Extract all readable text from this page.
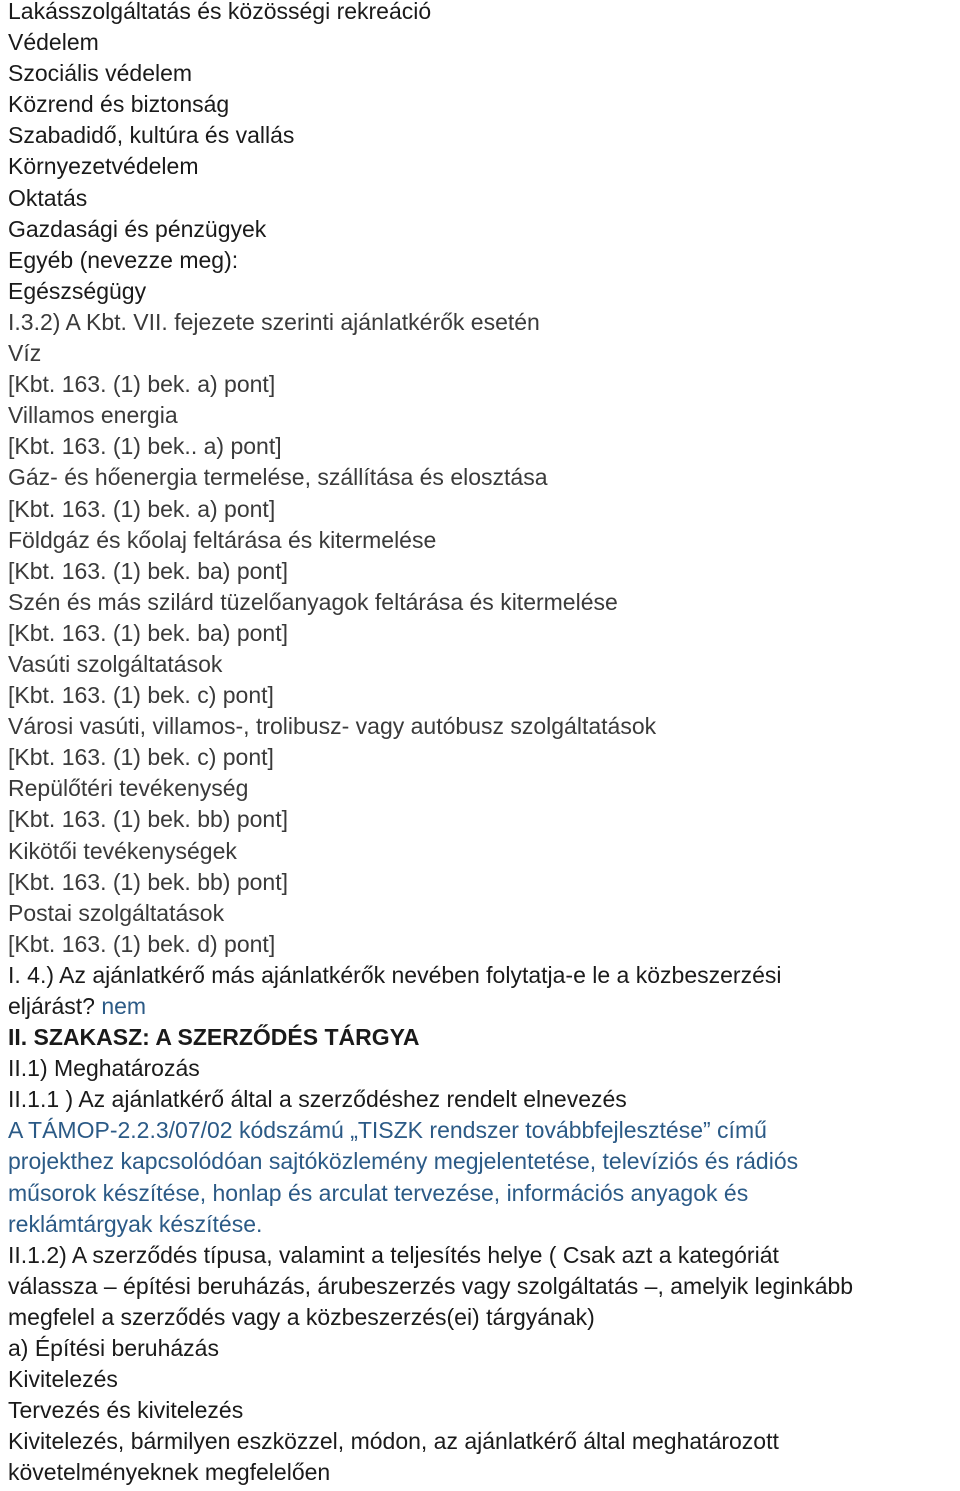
Lakásszolgáltatás és közösségi rekreáció
Védelem
Szociális védelem
Közrend és biztonság
Szabadidő, kultúra és vallás
Környezetvédelem
Oktatás
Gazdasági és pénzügyek
Egyéb (nevezze meg):
Egészségügy
I.3.2) A Kbt. VII. fejezete szerinti ajánlatkérők esetén
Víz
[Kbt. 163. (1) bek. a) pont]
Villamos energia
[Kbt. 163. (1) bek.. a) pont]
Gáz- és hőenergia termelése, szállítása és elosztása
[Kbt. 163. (1) bek. a) pont]
Földgáz és kőolaj feltárása és kitermelése
[Kbt. 163. (1) bek. ba) pont]
Szén és más szilárd tüzelőanyagok feltárása és kitermelése
[Kbt. 163. (1) bek. ba) pont]
Vasúti szolgáltatások
[Kbt. 163. (1) bek. c) pont]
Városi vasúti, villamos-, trolibusz- vagy autóbusz szolgáltatások
[Kbt. 163. (1) bek. c) pont]
Repülőtéri tevékenység
[Kbt. 163. (1) bek. bb) pont]
Kikötői tevékenységek
[Kbt. 163. (1) bek. bb) pont]
Postai szolgáltatások
[Kbt. 163. (1) bek. d) pont]
I. 4.) Az ajánlatkérő más ajánlatkérők nevében folytatja-e le a közbeszerzési
eljárást? nem
II. SZAKASZ: A SZERZŐDÉS TÁRGYA
II.1) Meghatározás
II.1.1 ) Az ajánlatkérő által a szerződéshez rendelt elnevezés
A TÁMOP-2.2.3/07/02 kódszámú „TISZK rendszer továbbfejlesztése” című
projekthez kapcsolódóan sajtóközlemény megjelentetése, televíziós és rádiós
műsorok készítése, honlap és arculat tervezése, információs anyagok és
reklámtárgyak készítése.
II.1.2) A szerződés típusa, valamint a teljesítés helye ( Csak azt a kategóriát
válassza – építési beruházás, árubeszerzés vagy szolgáltatás –, amelyik leginkább
megfelel a szerződés vagy a közbeszerzés(ei) tárgyának)
a) Építési beruházás
Kivitelezés
Tervezés és kivitelezés
Kivitelezés, bármilyen eszközzel, módon, az ajánlatkérő által meghatározott
követelményeknek megfelelően
